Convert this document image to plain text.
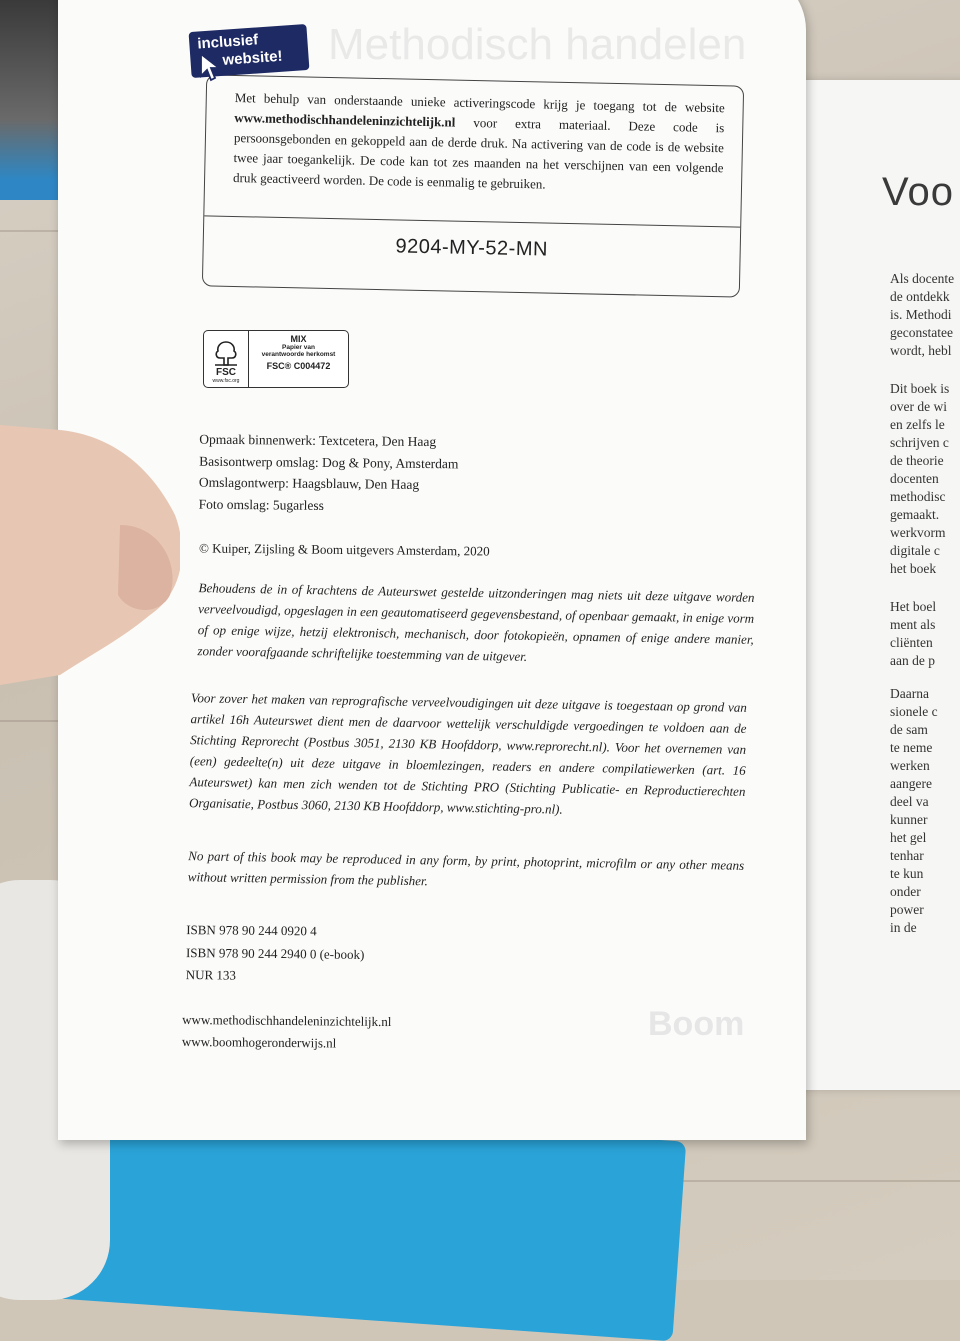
Voo
Als docente
de ontdekk
is. Methodi
geconstatee
wordt, hebl
Dit boek is
over de wi
en zelfs le
schrijven c
de theorie
docenten
methodisc
gemaakt.
werkvorm
digitale c
het boek
Het boel
ment als
cliënten
aan de p
Daarna
sionele c
de sam
te neme
werken
aangere
deel va
kunner
het gel
tenhar
te kun
onder
power
in de
Methodisch handelen
Boom
Met behulp van onderstaande unieke activeringscode krijg je toegang tot de website www.methodischhandeleninzichtelijk.nl voor extra materiaal. Deze code is persoonsgebonden en gekoppeld aan de derde druk. Na activering van de code is de website twee jaar toegankelijk. De code kan tot zes maanden na het verschijnen van een volgende druk geactiveerd worden. De code is eenmalig te gebruiken.
9204-MY-52-MN
inclusief
website!
FSC
www.fsc.org
MIX
Papier van
verantwoorde herkomst
FSC® C004472
Opmaak binnenwerk: Textcetera, Den Haag
Basisontwerp omslag: Dog & Pony, Amsterdam
Omslagontwerp: Haagsblauw, Den Haag
Foto omslag: 5ugarless
© Kuiper, Zijsling & Boom uitgevers Amsterdam, 2020
Behoudens de in of krachtens de Auteurswet gestelde uitzonderingen mag niets uit deze uitgave worden verveelvoudigd, opgeslagen in een geautomatiseerd gegevensbestand, of openbaar gemaakt, in enige vorm of op enige wijze, hetzij elektronisch, mechanisch, door fotokopieën, opnamen of enige andere manier, zonder voorafgaande schriftelijke toestemming van de uitgever.
Voor zover het maken van reprografische verveelvoudigingen uit deze uitgave is toegestaan op grond van artikel 16h Auteurswet dient men de daarvoor wettelijk verschuldigde vergoedingen te voldoen aan de Stichting Reprorecht (Postbus 3051, 2130 KB Hoofddorp, www.reprorecht.nl). Voor het overnemen van (een) gedeelte(n) uit deze uitgave in bloemlezingen, readers en andere compilatiewerken (art. 16 Auteurswet) kan men zich wenden tot de Stichting PRO (Stichting Publicatie- en Reproductierechten Organisatie, Postbus 3060, 2130 KB Hoofddorp, www.stichting-pro.nl).
No part of this book may be reproduced in any form, by print, photoprint, microfilm or any other means without written permission from the publisher.
ISBN 978 90 244 0920 4
ISBN 978 90 244 2940 0 (e-book)
NUR 133
www.methodischhandeleninzichtelijk.nl
www.boomhogeronderwijs.nl
